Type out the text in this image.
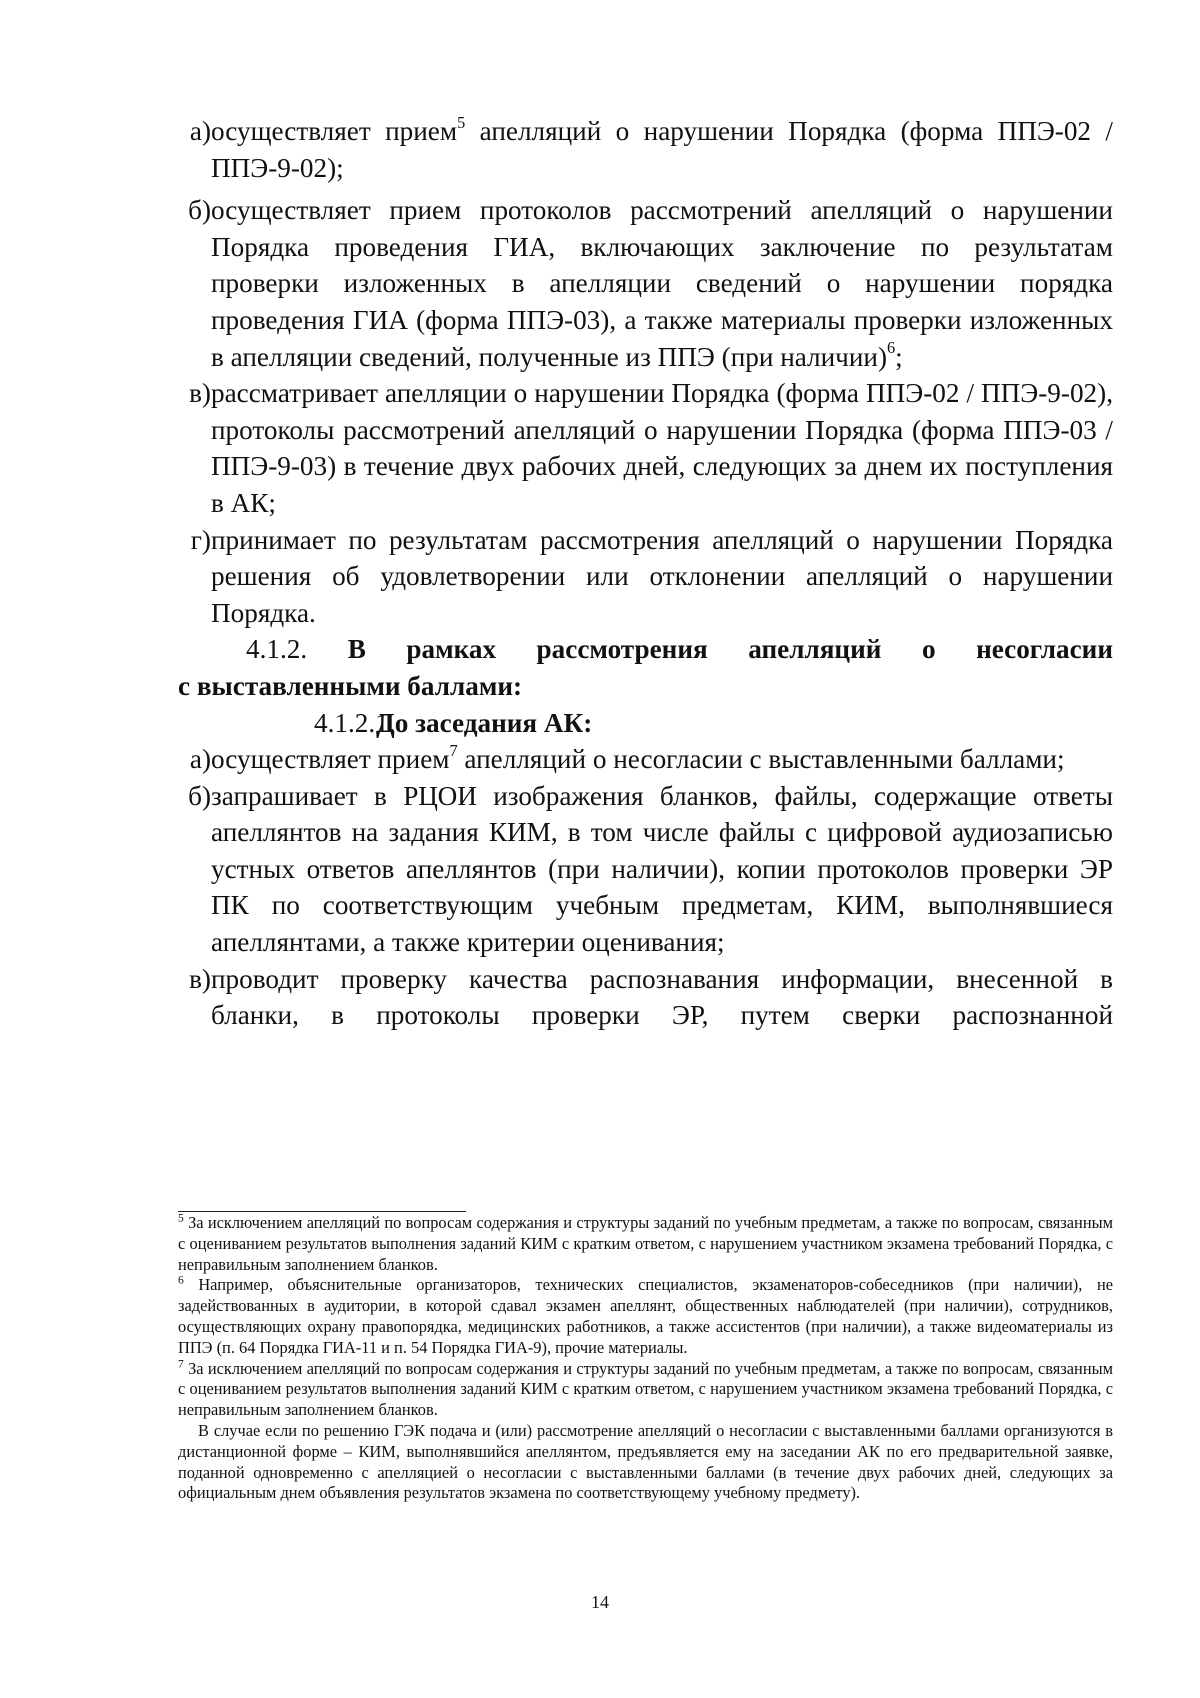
а) осуществляет прием$^5$ апелляций о нарушении Порядка (форма ППЭ-02 / ППЭ-9-02);
б) осуществляет прием протоколов рассмотрений апелляций о нарушении Порядка проведения ГИА, включающих заключение по результатам проверки изложенных в апелляции сведений о нарушении порядка проведения ГИА (форма ППЭ-03), а также материалы проверки изложенных в апелляции сведений, полученные из ППЭ (при наличии)$^6$;
в) рассматривает апелляции о нарушении Порядка (форма ППЭ-02 / ППЭ-9-02), протоколы рассмотрений апелляций о нарушении Порядка (форма ППЭ-03 / ППЭ-9-03) в течение двух рабочих дней, следующих за днем их поступления в АК;
г) принимает по результатам рассмотрения апелляций о нарушении Порядка решения об удовлетворении или отклонении апелляций о нарушении Порядка.
4.1.2. В рамках рассмотрения апелляций о несогласии
с выставленными баллами:
4.1.2.1.До заседания АК:
а) осуществляет прием$^7$ апелляций о несогласии с выставленными баллами;
б) запрашивает в РЦОИ изображения бланков, файлы, содержащие ответы апеллянтов на задания КИМ, в том числе файлы с цифровой аудиозаписью устных ответов апеллянтов (при наличии), копии протоколов проверки ЭР ПК по соответствующим учебным предметам, КИМ, выполнявшиеся апеллянтами, а также критерии оценивания;
в) проводит проверку качества распознавания информации, внесенной в бланки, в протоколы проверки ЭР, путем сверки распознанной

$^5$ За исключением апелляций по вопросам содержания и структуры заданий по учебным предметам, а также по вопросам, связанным с оцениванием результатов выполнения заданий КИМ с кратким ответом, с нарушением участником экзамена требований Порядка, с неправильным заполнением бланков.

$^6$ Например, объяснительные организаторов, технических специалистов, экзаменаторов-собеседников (при наличии), не задействованных в аудитории, в которой сдавал экзамен апеллянт, общественных наблюдателей (при наличии), сотрудников, осуществляющих охрану правопорядка, медицинских работников, а также ассистентов (при наличии), а также видеоматериалы из ППЭ (п. 64 Порядка ГИА-11 и п. 54 Порядка ГИА-9), прочие материалы.

$^7$ За исключением апелляций по вопросам содержания и структуры заданий по учебным предметам, а также по вопросам, связанным с оцениванием результатов выполнения заданий КИМ с кратким ответом, с нарушением участником экзамена требований Порядка, с неправильным заполнением бланков.

В случае если по решению ГЭК подача и (или) рассмотрение апелляций о несогласии с выставленными баллами организуются в дистанционной форме – КИМ, выполнявшийся апеллянтом, предъявляется ему на заседании АК по его предварительной заявке, поданной одновременно с апелляцией о несогласии с выставленными баллами (в течение двух рабочих дней, следующих за официальным днем объявления результатов экзамена по соответствующему учебному предмету).

14
